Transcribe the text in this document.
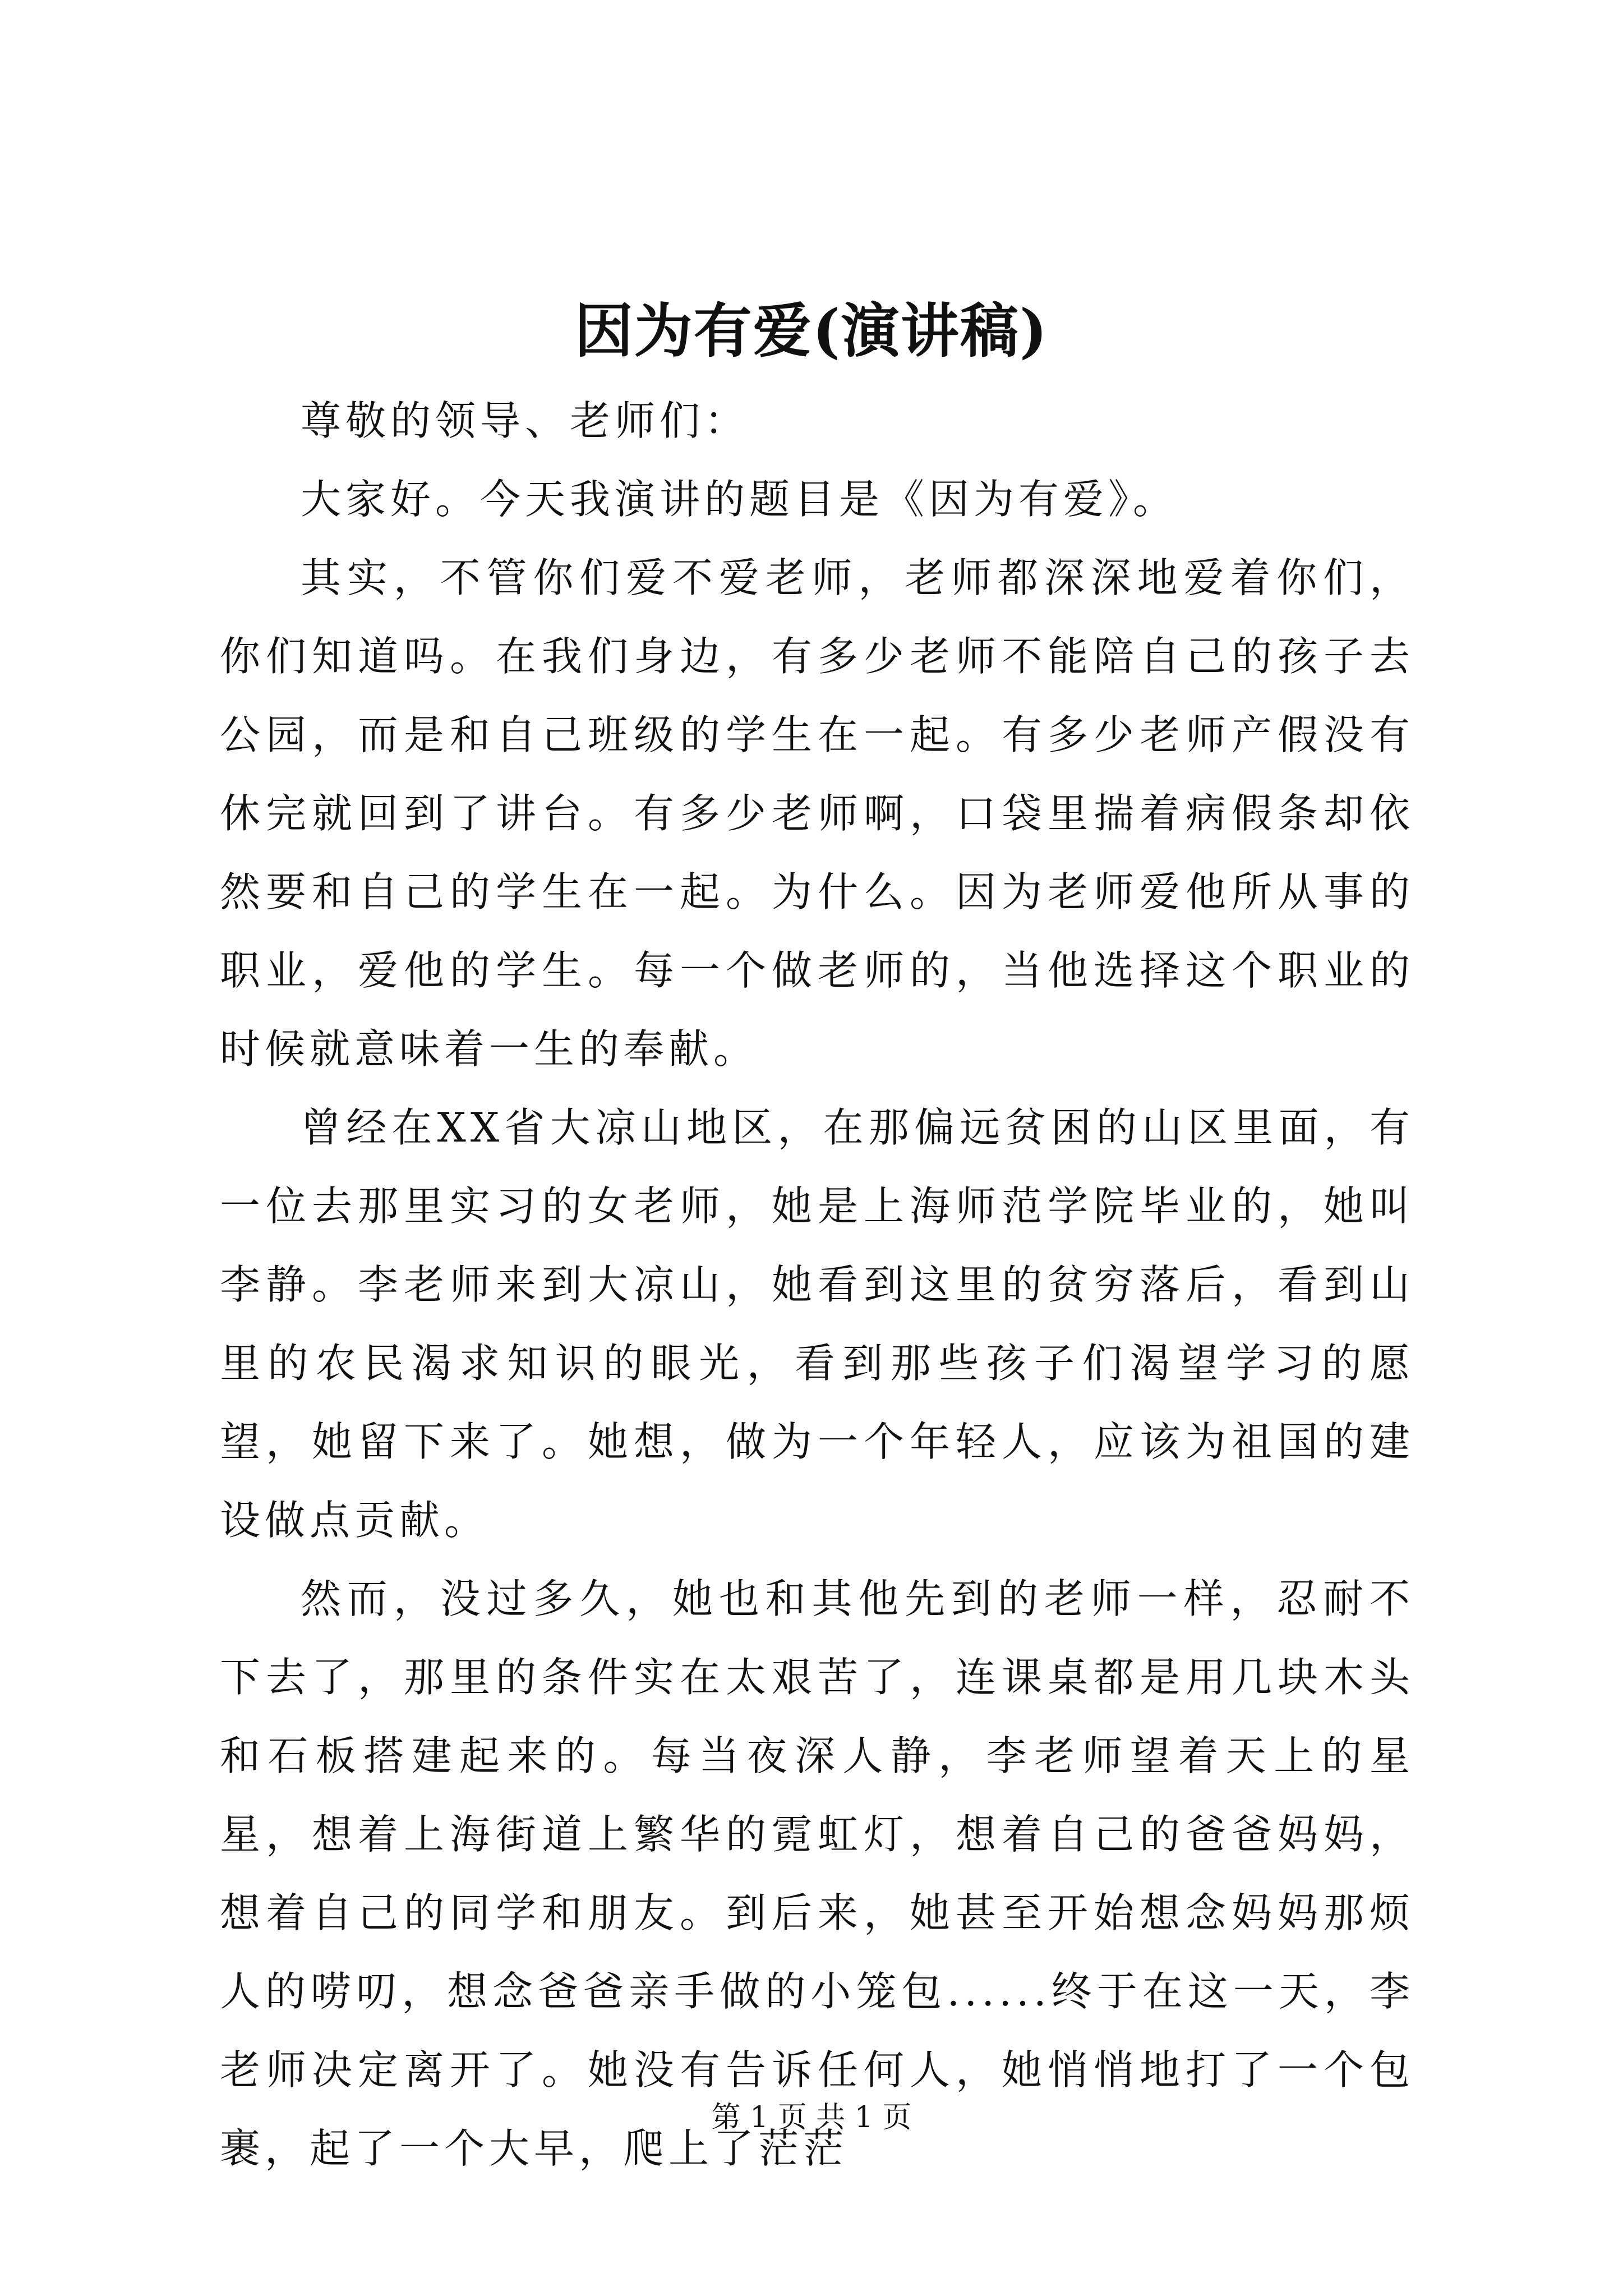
因为有爱(演讲稿)

尊敬的领导、老师们：

大家好。今天我演讲的题目是《因为有爱》。

其实，不管你们爱不爱老师，老师都深深地爱着你们，你们知道吗。在我们身边，有多少老师不能陪自己的孩子去公园，而是和自己班级的学生在一起。有多少老师产假没有休完就回到了讲台。有多少老师啊，口袋里揣着病假条却依然要和自己的学生在一起。为什么。因为老师爱他所从事的职业，爱他的学生。每一个做老师的，当他选择这个职业的时候就意味着一生的奉献。

曾经在XX省大凉山地区，在那偏远贫困的山区里面，有一位去那里实习的女老师，她是上海师范学院毕业的，她叫李静。李老师来到大凉山，她看到这里的贫穷落后，看到山里的农民渴求知识的眼光，看到那些孩子们渴望学习的愿望，她留下来了。她想，做为一个年轻人，应该为祖国的建设做点贡献。

然而，没过多久，她也和其他先到的老师一样，忍耐不下去了，那里的条件实在太艰苦了，连课桌都是用几块木头和石板搭建起来的。每当夜深人静，李老师望着天上的星星，想着上海街道上繁华的霓虹灯，想着自己的爸爸妈妈，想着自己的同学和朋友。到后来，她甚至开始想念妈妈那烦人的唠叨，想念爸爸亲手做的小笼包......终于在这一天，李老师决定离开了。她没有告诉任何人，她悄悄地打了一个包裹，起了一个大早，爬上了茫茫

第 1 页 共 1 页
